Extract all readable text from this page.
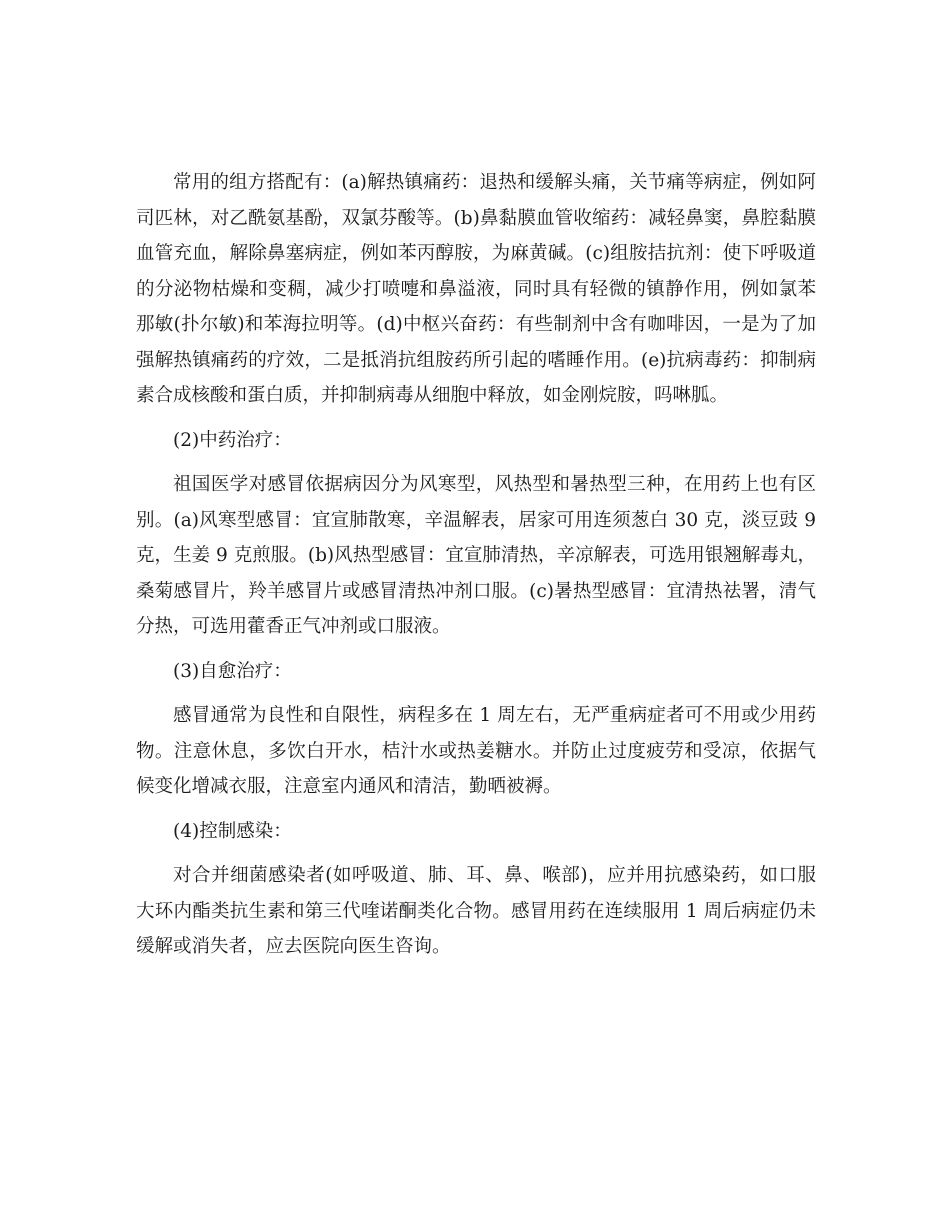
常用的组方搭配有：(a)解热镇痛药：退热和缓解头痛，关节痛等病症，例如阿司匹林，对乙酰氨基酚，双氯芬酸等。(b)鼻黏膜血管收缩药：减轻鼻窦，鼻腔黏膜血管充血，解除鼻塞病症，例如苯丙醇胺，为麻黄碱。(c)组胺拮抗剂：使下呼吸道的分泌物枯燥和变稠，减少打喷嚏和鼻溢液，同时具有轻微的镇静作用，例如氯苯那敏(扑尔敏)和苯海拉明等。(d)中枢兴奋药：有些制剂中含有咖啡因，一是为了加强解热镇痛药的疗效，二是抵消抗组胺药所引起的嗜睡作用。(e)抗病毒药：抑制病素合成核酸和蛋白质，并抑制病毒从细胞中释放，如金刚烷胺，吗啉胍。

(2)中药治疗：

祖国医学对感冒依据病因分为风寒型，风热型和暑热型三种，在用药上也有区别。(a)风寒型感冒：宜宣肺散寒，辛温解表，居家可用连须葱白 30 克，淡豆豉 9 克，生姜 9 克煎服。(b)风热型感冒：宜宣肺清热，辛凉解表，可选用银翘解毒丸，桑菊感冒片，羚羊感冒片或感冒清热冲剂口服。(c)暑热型感冒：宜清热祛署，清气分热，可选用藿香正气冲剂或口服液。

(3)自愈治疗：

感冒通常为良性和自限性，病程多在 1 周左右，无严重病症者可不用或少用药物。注意休息，多饮白开水，桔汁水或热姜糖水。并防止过度疲劳和受凉，依据气候变化增减衣服，注意室内通风和清洁，勤晒被褥。

(4)控制感染：

对合并细菌感染者(如呼吸道、肺、耳、鼻、喉部)，应并用抗感染药，如口服大环内酯类抗生素和第三代喹诺酮类化合物。感冒用药在连续服用 1 周后病症仍未缓解或消失者，应去医院向医生咨询。
